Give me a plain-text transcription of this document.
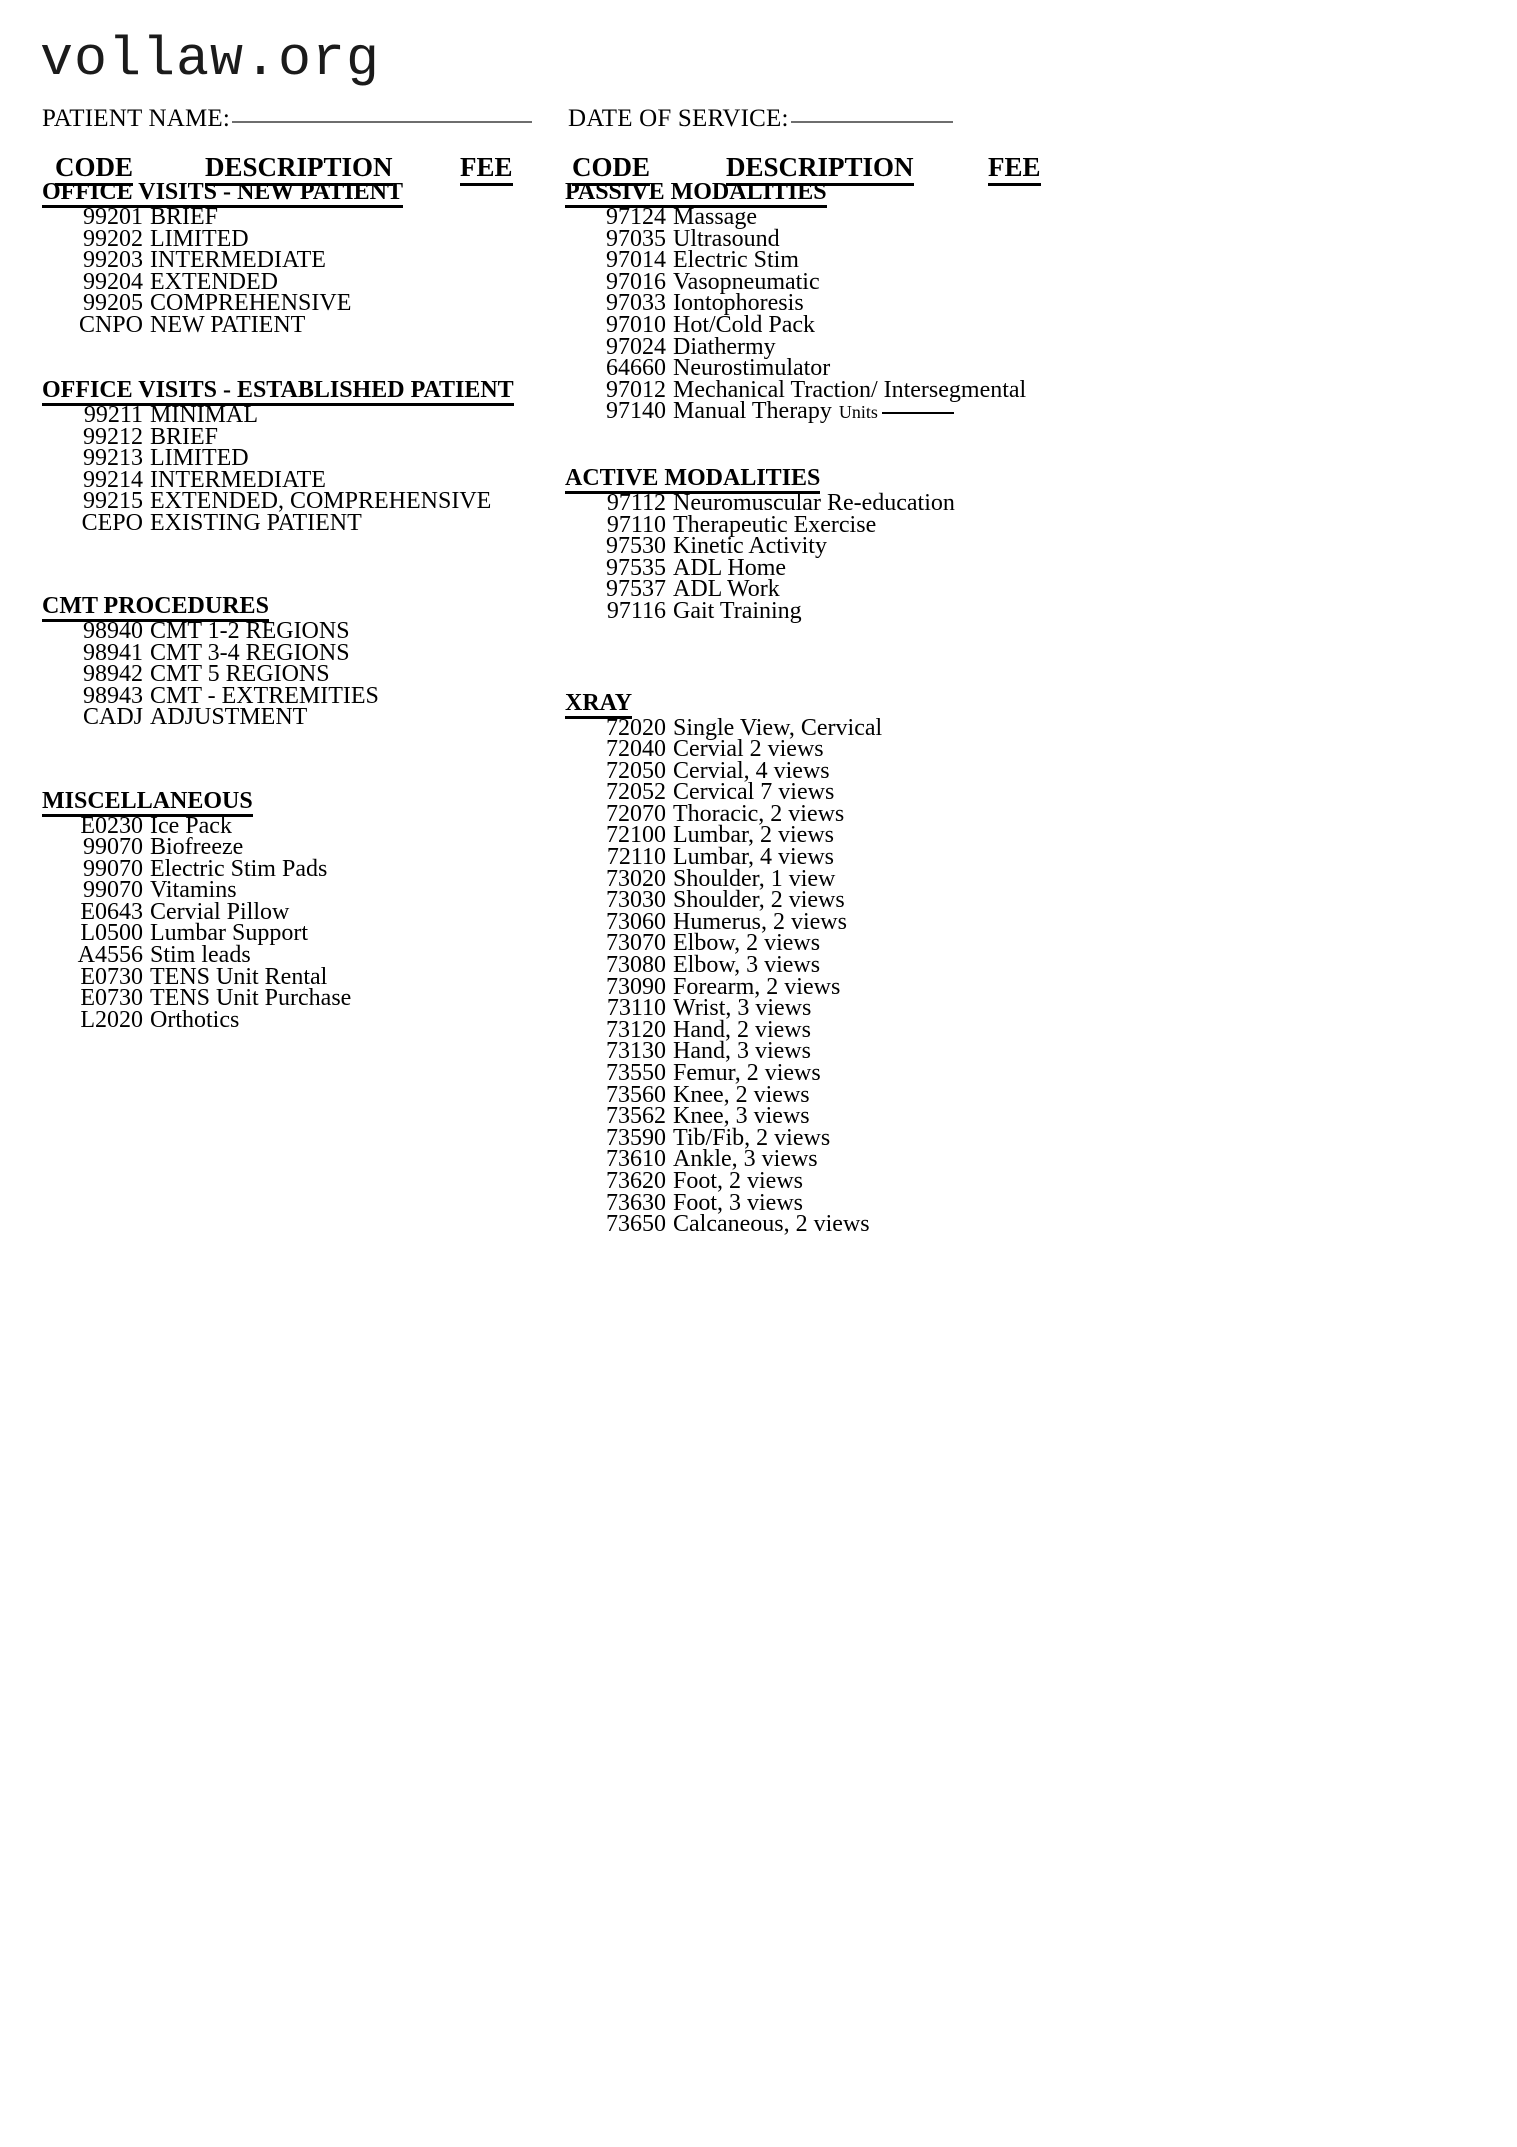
vollaw.org
PATIENT NAME:	DATE OF SERVICE:
CODE	DESCRIPTION FEE CODE	DESCRIPTION	FEE
OFFICE VISITS - NEW PATIENT
99201 BRIEF
99202 LIMITED
99203 INTERMEDIATE
99204 EXTENDED
99205 COMPREHENSIVE
CNPO NEW PATIENT
OFFICE VISITS - ESTABLISHED PATIENT
99211 MINIMAL
99212 BRIEF
99213 LIMITED
99214 INTERMEDIATE
99215 EXTENDED, COMPREHENSIVE
CEPO EXISTING PATIENT
CMT PROCEDURES
98940 CMT 1-2 REGIONS
98941 CMT 3-4 REGIONS
98942 CMT 5 REGIONS
98943 CMT - EXTREMITIES
CADJ ADJUSTMENT
MISCELLANEOUS
E0230 Ice Pack
99070 Biofreeze
99070 Electric Stim Pads
99070 Vitamins
E0643 Cervial Pillow
L0500 Lumbar Support
A4556 Stim leads
E0730 TENS Unit Rental
E0730 TENS Unit Purchase
L2020 Orthotics
PASSIVE MODALITIES
97124 Massage
97035 Ultrasound
97014 Electric Stim
97016 Vasopneumatic
97033 Iontophoresis
97010 Hot/Cold Pack
97024 Diathermy
64660 Neurostimulator
97012 Mechanical Traction/ Intersegmental
97140 Manual Therapy Units
ACTIVE MODALITIES
97112 Neuromuscular Re-education
97110 Therapeutic Exercise
97530 Kinetic Activity
97535 ADL Home
97537 ADL Work
97116 Gait Training
XRAY
72020 Single View, Cervical
72040 Cervial 2 views
72050 Cervial, 4 views
72052 Cervical 7 views
72070 Thoracic, 2 views
72100 Lumbar, 2 views
72110 Lumbar, 4 views
73020 Shoulder, 1 view
73030 Shoulder, 2 views
73060 Humerus, 2 views
73070 Elbow, 2 views
73080 Elbow, 3 views
73090 Forearm, 2 views
73110 Wrist, 3 views
73120 Hand, 2 views
73130 Hand, 3 views
73550 Femur, 2 views
73560 Knee, 2 views
73562 Knee, 3 views
73590 Tib/Fib, 2 views
73610 Ankle, 3 views
73620 Foot, 2 views
73630 Foot, 3 views
73650 Calcaneous, 2 views
